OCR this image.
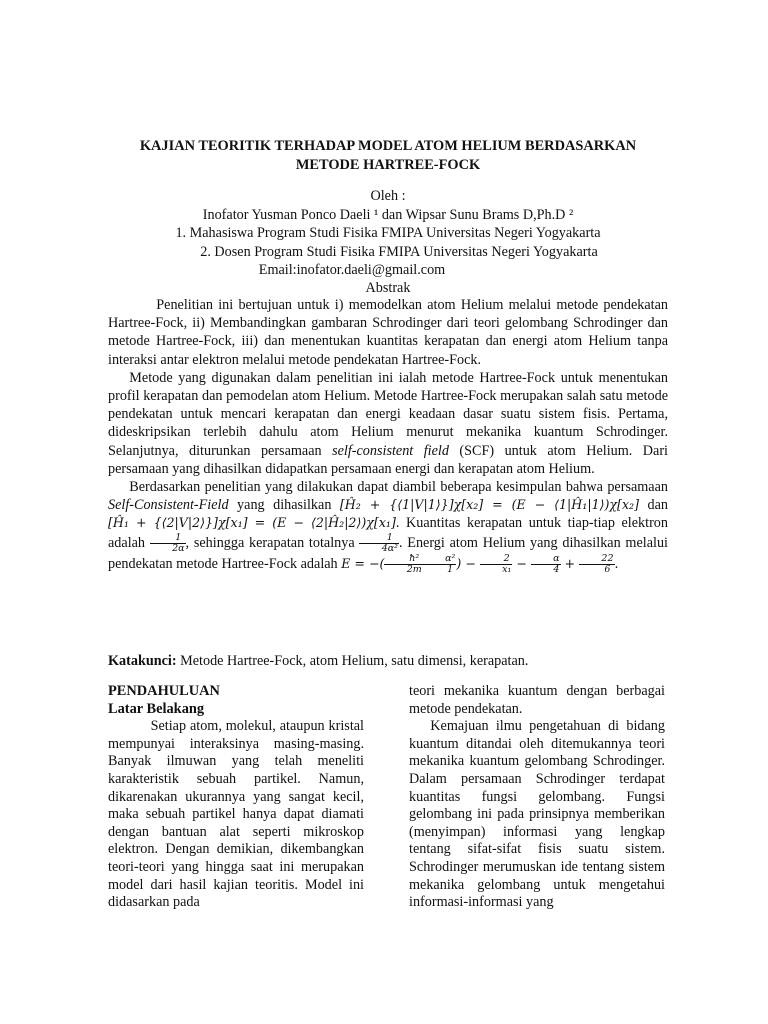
KAJIAN TEORITIK TERHADAP MODEL ATOM HELIUM BERDASARKAN
METODE HARTREE-FOCK
Oleh :
Inofator Yusman Ponco Daeli ¹ dan Wipsar Sunu Brams D,Ph.D ²
1. Mahasiswa Program Studi Fisika FMIPA Universitas Negeri Yogyakarta
2. Dosen Program Studi Fisika FMIPA Universitas Negeri Yogyakarta
Email:inofator.daeli@gmail.com
Abstrak

Penelitian ini bertujuan untuk i) memodelkan atom Helium melalui metode pendekatan Hartree-Fock, ii) Membandingkan gambaran Schrodinger dari teori gelombang Schrodinger dan metode Hartree-Fock, iii) dan menentukan kuantitas kerapatan dan energi atom Helium tanpa interaksi antar elektron melalui metode pendekatan Hartree-Fock.

Metode yang digunakan dalam penelitian ini ialah metode Hartree-Fock untuk menentukan profil kerapatan dan pemodelan atom Helium. Metode Hartree-Fock merupakan salah satu metode pendekatan untuk mencari kerapatan dan energi keadaan dasar suatu sistem fisis. Pertama, dideskripsikan terlebih dahulu atom Helium menurut mekanika kuantum Schrodinger. Selanjutnya, diturunkan persamaan self-consistent field (SCF) untuk atom Helium. Dari persamaan yang dihasilkan didapatkan persamaan energi dan kerapatan atom Helium.

Berdasarkan penelitian yang dilakukan dapat diambil beberapa kesimpulan bahwa persamaan Self-Consistent-Field yang dihasilkan [Ĥ₂ + {⟨1|V|1⟩}]χ[x₂] = (E − ⟨1|Ĥ₁|1⟩)χ[x₂] dan [Ĥ₁ + {⟨2|V|2⟩}]χ[x₁] = (E − ⟨2|Ĥ₂|2⟩)χ[x₁]. Kuantitas kerapatan untuk tiap-tiap elektron adalah $\frac{1}{2\alpha}$ , sehingga kerapatan totalnya $\frac{1}{\text{4α²}}$ . Energi atom Helium yang dihasilkan melalui pendekatan metode Hartree-Fock adalah E = −( $\frac{\text{ħ²}}{2m} \frac{\text{α²}}{1}$ ) − $\frac{2}{\text{x₁}} - \frac{\alpha}{4} + \frac{22}{6}$ .

Katakunci: Metode Hartree-Fock, atom Helium, satu dimensi, kerapatan.
PENDAHULUAN
Latar Belakang

Setiap atom, molekul, ataupun kristal mempunyai interaksinya masing-masing. Banyak ilmuwan yang telah meneliti karakteristik sebuah partikel. Namun, dikarenakan ukurannya yang sangat kecil, maka sebuah partikel hanya dapat diamati dengan bantuan alat seperti mikroskop elektron. Dengan demikian, dikembangkan teori-teori yang hingga saat ini merupakan model dari hasil kajian teoritis. Model ini didasarkan pada

teori mekanika kuantum dengan berbagai metode pendekatan.

Kemajuan ilmu pengetahuan di bidang kuantum ditandai oleh ditemukannya teori mekanika kuantum gelombang Schrodinger. Dalam persamaan Schrodinger terdapat kuantitas fungsi gelombang. Fungsi gelombang ini pada prinsipnya memberikan (menyimpan) informasi yang lengkap tentang sifat-sifat fisis suatu sistem. Schrodinger merumuskan ide tentang sistem mekanika gelombang untuk mengetahui informasi-informasi yang
